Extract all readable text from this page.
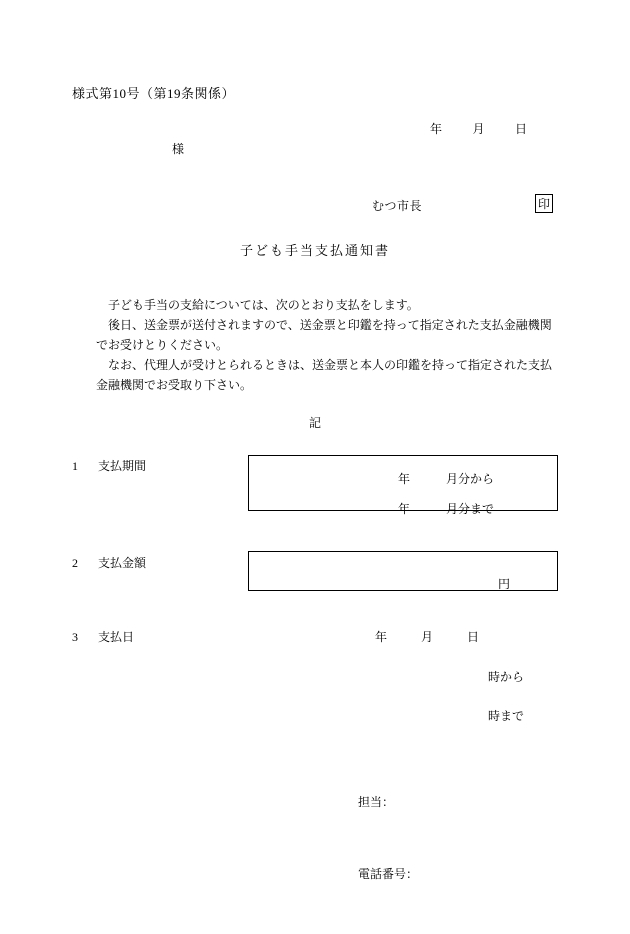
様式第10号（第19条関係）
年	月	日
様
むつ市長	印
子ども手当支払通知書

　子ども手当の支給については、次のとおり支払をします。

　後日、送金票が送付されますので、送金票と印鑑を持って指定された支払金融機関でお受けとりください。

　なお、代理人が受けとられるときは、送金票と本人の印鑑を持って指定された支払金融機関でお受取り下さい。

記
1 支払期間
年　　　月分から
年　　　月分まで
2 支払金額
円
3 支払日	年	月	日
時から
時まで

担当：

電話番号：
